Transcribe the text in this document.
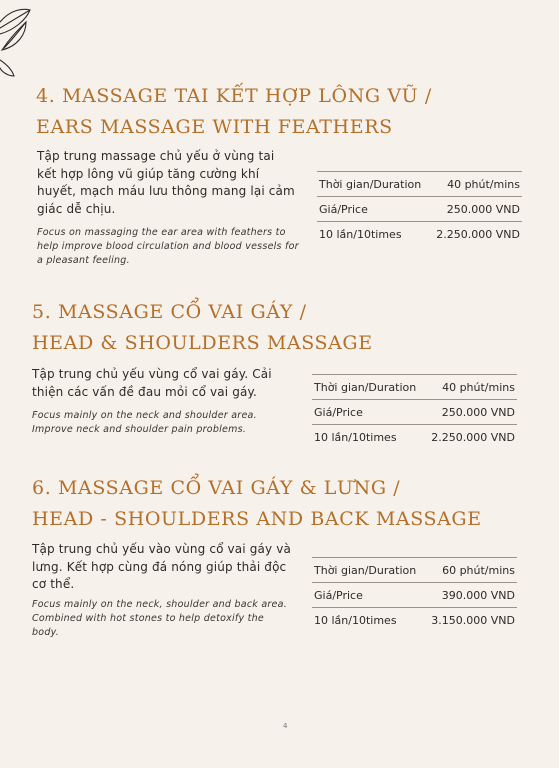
4. MASSAGE TAI KẾT HỢP LÔNG VŨ /
EARS MASSAGE WITH FEATHERS

Tập trung massage chủ yếu ở vùng tai kết hợp lông vũ giúp tăng cường khí huyết, mạch máu lưu thông mang lại cảm giác dễ chịu.

Focus on massaging the ear area with feathers to help improve blood circulation and blood vessels for a pleasant feeling.

Thời gian/Duration 40 phút/mins
Giá/Price	250.000 VND
10 lần/10times	2.250.000 VND
5. MASSAGE CỔ VAI GÁY /
HEAD & SHOULDERS MASSAGE

Tập trung chủ yếu vùng cổ vai gáy. Cải thiện các vấn đề đau mỏi cổ vai gáy.

Focus mainly on the neck and shoulder area. Improve neck and shoulder pain problems.

Thời gian/Duration 40 phút/mins
Giá/Price	250.000 VND
10 lần/10times	2.250.000 VND
6. MASSAGE CỔ VAI GÁY & LƯNG /
HEAD - SHOULDERS AND BACK MASSAGE

Tập trung chủ yếu vào vùng cổ vai gáy và lưng. Kết hợp cùng đá nóng giúp thải độc cơ thể.

Focus mainly on the neck, shoulder and back area. Combined with hot stones to help detoxify the body.

Thời gian/Duration 60 phút/mins
Giá/Price	390.000 VND
10 lần/10times	3.150.000 VND
4
